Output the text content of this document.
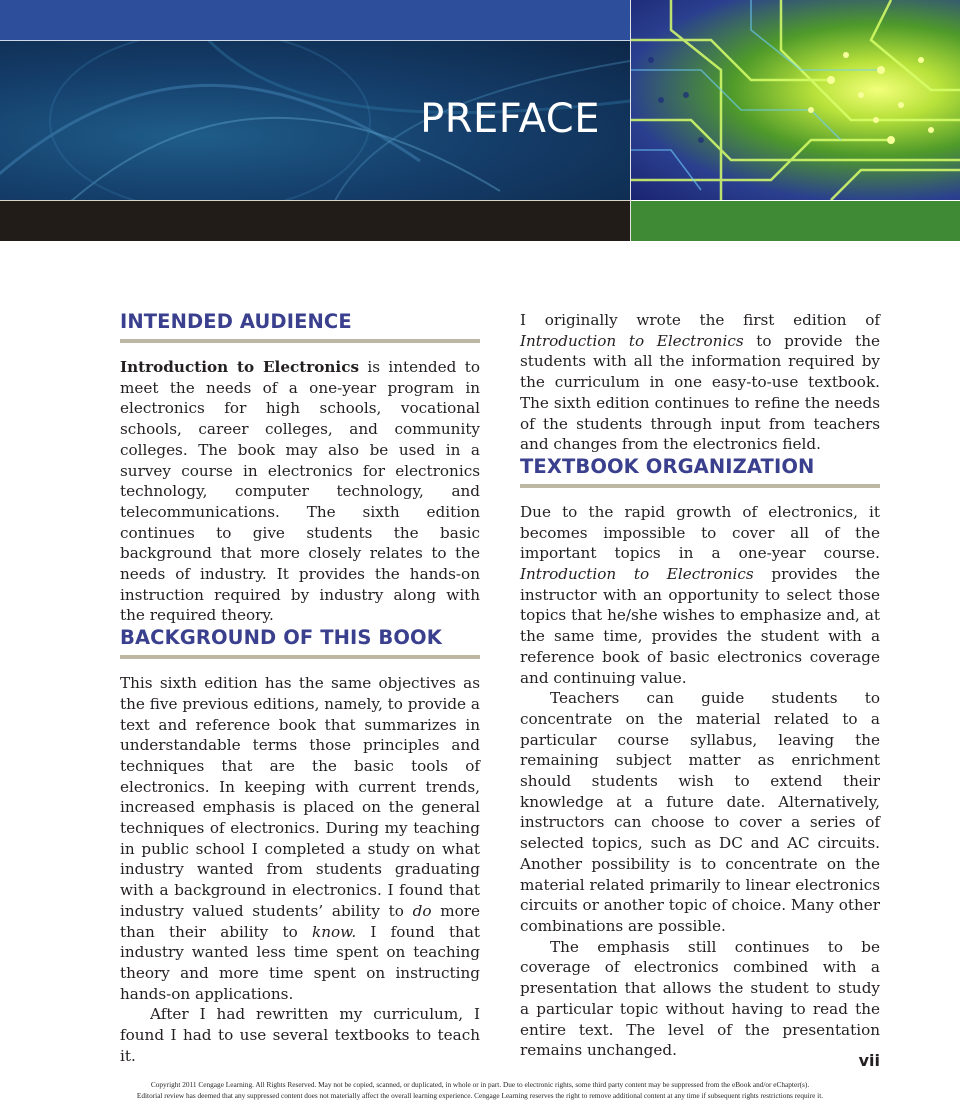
PREFACE
INTENDED AUDIENCE

Introduction to Electronics is intended to meet the needs of a one-year program in electronics for high schools, vocational schools, career colleges, and community colleges. The book may also be used in a survey course in electronics for electronics technology, computer technology, and telecommunications. The sixth edition continues to give students the basic background that more closely relates to the needs of industry. It provides the hands-on instruction required by industry along with the required theory.

BACKGROUND OF THIS BOOK

This sixth edition has the same objectives as the five previous editions, namely, to provide a text and reference book that summarizes in understandable terms those principles and techniques that are the basic tools of electronics. In keeping with current trends, increased emphasis is placed on the general techniques of electronics. During my teaching in public school I completed a study on what industry wanted from students graduating with a background in electronics. I found that industry valued students’ ability to do more than their ability to know. I found that industry wanted less time spent on teaching theory and more time spent on instructing hands-on applications.

After I had rewritten my curriculum, I found I had to use several textbooks to teach it.

I originally wrote the first edition of Introduction to Electronics to provide the students with all the information required by the curriculum in one easy-to-use textbook. The sixth edition continues to refine the needs of the students through input from teachers and changes from the electronics field.

TEXTBOOK ORGANIZATION

Due to the rapid growth of electronics, it becomes impossible to cover all of the important topics in a one-year course. Introduction to Electronics provides the instructor with an opportunity to select those topics that he/she wishes to emphasize and, at the same time, provides the student with a reference book of basic electronics coverage and continuing value.

Teachers can guide students to concentrate on the material related to a particular course syllabus, leaving the remaining subject matter as enrichment should students wish to extend their knowledge at a future date. Alternatively, instructors can choose to cover a series of selected topics, such as DC and AC circuits. Another possibility is to concentrate on the material related primarily to linear electronics circuits or another topic of choice. Many other combinations are possible.

The emphasis still continues to be coverage of electronics combined with a presentation that allows the student to study a particular topic without having to read the entire text. The level of the presentation remains unchanged.

vii
Copyright 2011 Cengage Learning. All Rights Reserved. May not be copied, scanned, or duplicated, in whole or in part. Due to electronic rights, some third party content may be suppressed from the eBook and/or eChapter(s).
Editorial review has deemed that any suppressed content does not materially affect the overall learning experience. Cengage Learning reserves the right to remove additional content at any time if subsequent rights restrictions require it.
